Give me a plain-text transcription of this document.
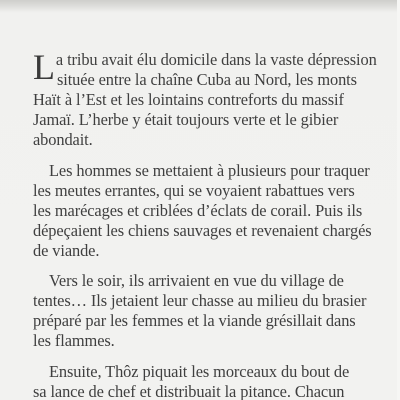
L a tribu avait élu domicile dans la vaste dépression
située entre la chaîne Cuba au Nord, les monts
Haït à l’Est et les lointains contreforts du massif
Jamaï. L’herbe y était toujours verte et le gibier
abondait.

Les hommes se mettaient à plusieurs pour traquer
les meutes errantes, qui se voyaient rabattues vers
les marécages et criblées d’éclats de corail. Puis ils
dépeçaient les chiens sauvages et revenaient chargés
de viande.

Vers le soir, ils arrivaient en vue du village de
tentes… Ils jetaient leur chasse au milieu du brasier
préparé par les femmes et la viande grésillait dans
les flammes.

Ensuite, Thôz piquait les morceaux du bout de
sa lance de chef et distribuait la pitance. Chacun
